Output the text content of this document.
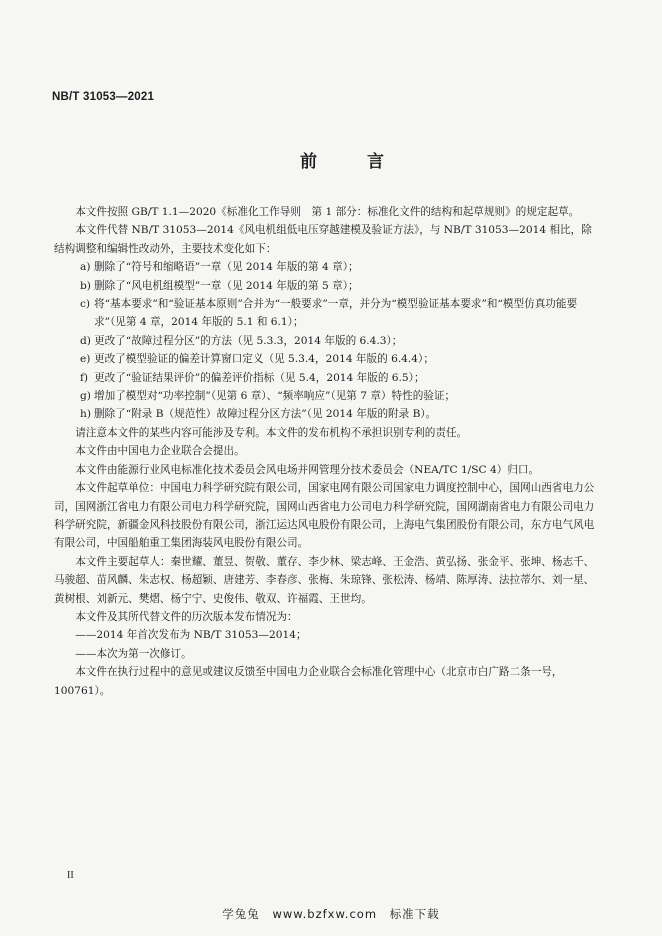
NB/T 31053—2021
前 言

本文件按照 GB/T 1.1—2020《标准化工作导则　第 1 部分：标准化文件的结构和起草规则》的规定起草。

本文件代替 NB/T 31053—2014《风电机组低电压穿越建模及验证方法》，与 NB/T 31053—2014 相比，除结构调整和编辑性改动外，主要技术变化如下：

a) 删除了“符号和缩略语”一章（见 2014 年版的第 4 章）；

b) 删除了“风电机组模型”一章（见 2014 年版的第 5 章）；

c) 将“基本要求”和“验证基本原则”合并为“一般要求”一章，并分为“模型验证基本要求”和“模型仿真功能要求”（见第 4 章，2014 年版的 5.1 和 6.1）；

d) 更改了“故障过程分区”的方法（见 5.3.3，2014 年版的 6.4.3）；

e) 更改了模型验证的偏差计算窗口定义（见 5.3.4，2014 年版的 6.4.4）；

f) 更改了“验证结果评价”的偏差评价指标（见 5.4，2014 年版的 6.5）；

g) 增加了模型对“功率控制”（见第 6 章）、“频率响应”（见第 7 章）特性的验证；

h) 删除了“附录 B（规范性）故障过程分区方法”（见 2014 年版的附录 B）。

请注意本文件的某些内容可能涉及专利。本文件的发布机构不承担识别专利的责任。

本文件由中国电力企业联合会提出。

本文件由能源行业风电标准化技术委员会风电场并网管理分技术委员会（NEA/TC 1/SC 4）归口。

本文件起草单位：中国电力科学研究院有限公司，国家电网有限公司国家电力调度控制中心，国网山西省电力公司，国网浙江省电力有限公司电力科学研究院，国网山西省电力公司电力科学研究院，国网湖南省电力有限公司电力科学研究院，新疆金风科技股份有限公司，浙江运达风电股份有限公司，上海电气集团股份有限公司，东方电气风电有限公司，中国船舶重工集团海装风电股份有限公司。

本文件主要起草人：秦世耀、董昱、贺敬、董存、李少林、梁志峰、王金浩、黄弘扬、张金平、张坤、杨志千、马骏超、苗风麟、朱志权、杨超颖、唐建芳、李春彦、张梅、朱琼锋、张松涛、杨靖、陈厚涛、法拉蒂尔、刘一星、黄树根、刘新元、樊熠、杨宁宁、史俊伟、敬双、许福霞、王世均。

本文件及其所代替文件的历次版本发布情况为：

——2014 年首次发布为 NB/T 31053—2014；

——本次为第一次修订。

本文件在执行过程中的意见或建议反馈至中国电力企业联合会标准化管理中心（北京市白广路二条一号，100761）。

II
学兔兔 www.bzfxw.com 标准下载
